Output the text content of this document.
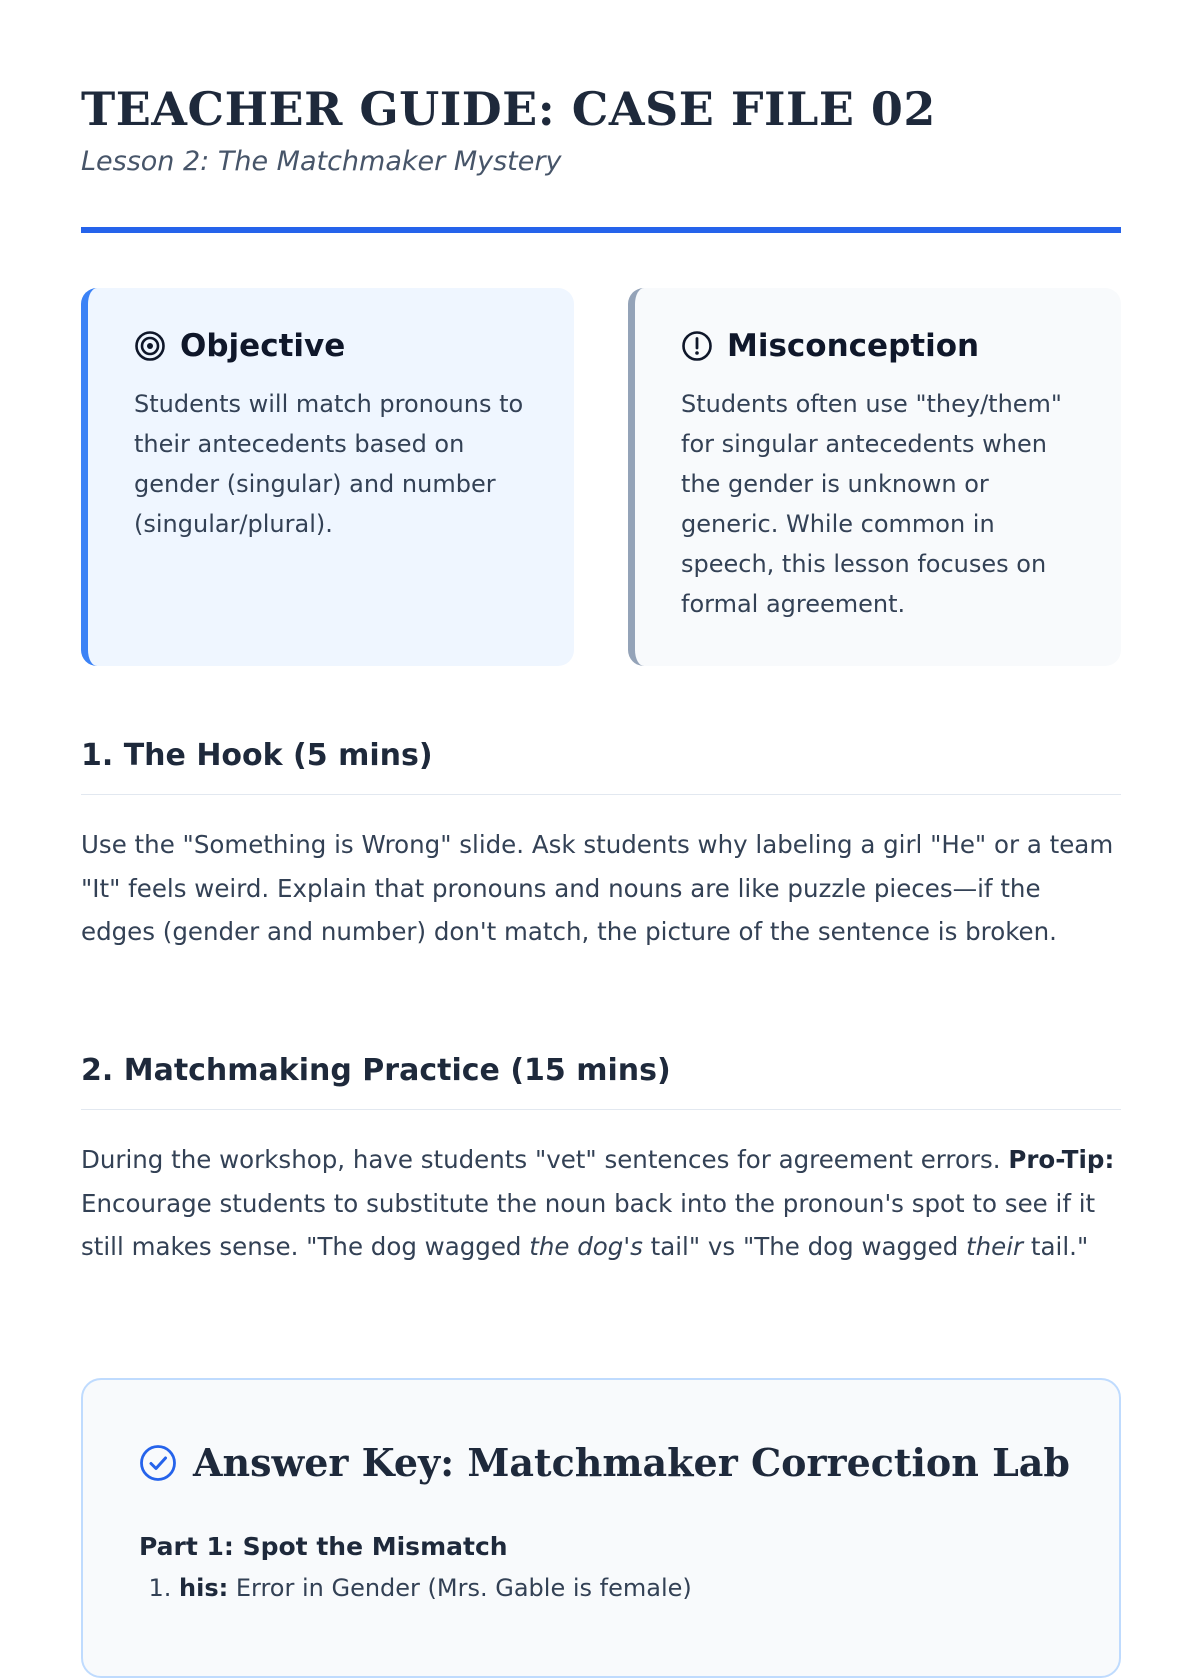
TEACHER GUIDE: CASE FILE 02
Lesson 2: The Matchmaker Mystery
Objective
Students will match pronouns to their antecedents based on gender (singular) and number (singular/plural).
Misconception
Students often use "they/them" for singular antecedents when the gender is unknown or generic. While common in speech, this lesson focuses on formal agreement.
1. The Hook (5 mins)

Use the "Something is Wrong" slide. Ask students why labeling a girl "He" or a team "It" feels weird. Explain that pronouns and nouns are like puzzle pieces—if the edges (gender and number) don't match, the picture of the sentence is broken.

2. Matchmaking Practice (15 mins)

During the workshop, have students "vet" sentences for agreement errors. Pro-Tip: Encourage students to substitute the noun back into the pronoun's spot to see if it still makes sense. "The dog wagged the dog's tail" vs "The dog wagged their tail."

Answer Key: Matchmaker Correction Lab
Part 1: Spot the Mismatch
1. his: Error in Gender (Mrs. Gable is female)
